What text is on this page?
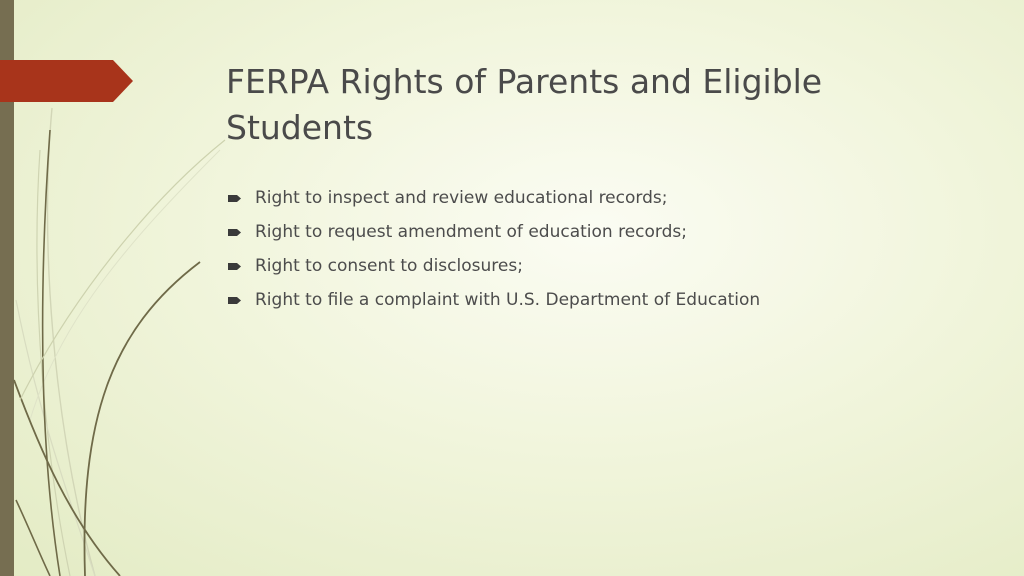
FERPA Rights of Parents and Eligible Students
Right to inspect and review educational records;
Right to request amendment of education records;
Right to consent to disclosures;
Right to file a complaint with U.S. Department of Education
